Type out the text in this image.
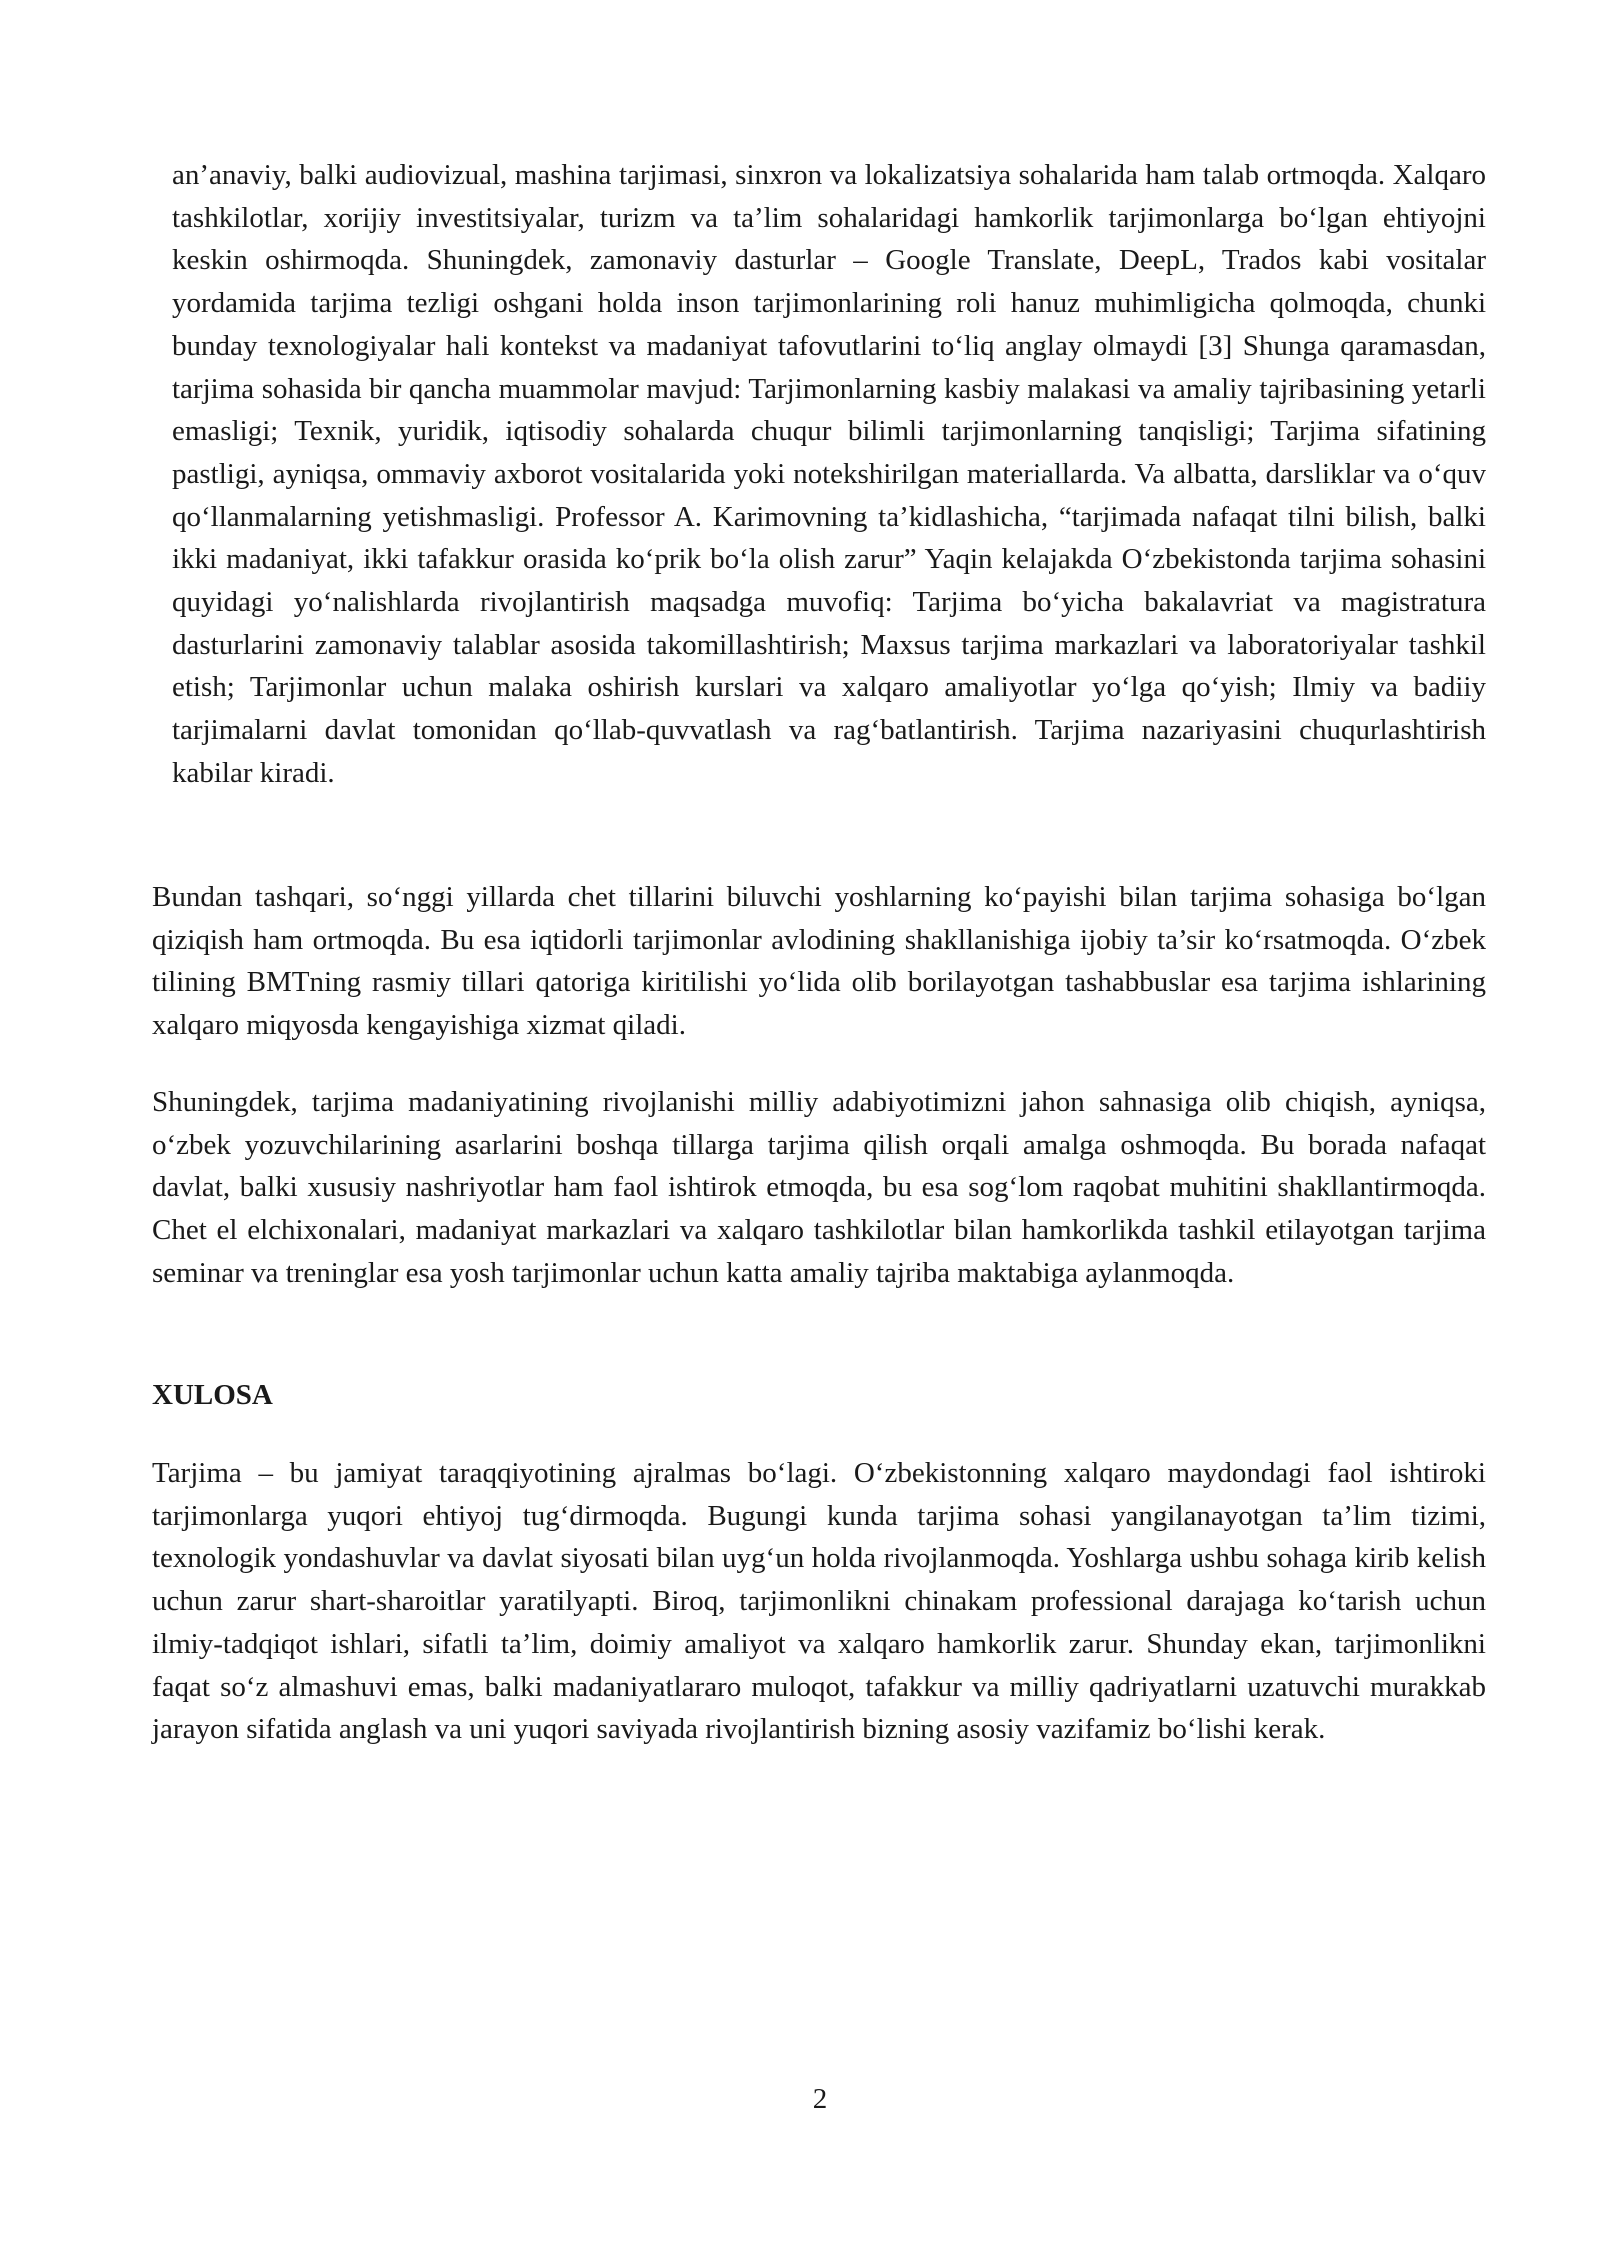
an’anaviy, balki audiovizual, mashina tarjimasi, sinxron va lokalizatsiya sohalarida ham talab ortmoqda. Xalqaro tashkilotlar, xorijiy investitsiyalar, turizm va ta’lim sohalaridagi hamkorlik tarjimonlarga bo‘lgan ehtiyojni keskin oshirmoqda. Shuningdek, zamonaviy dasturlar – Google Translate, DeepL, Trados kabi vositalar yordamida tarjima tezligi oshgani holda inson tarjimonlarining roli hanuz muhimligicha qolmoqda, chunki bunday texnologiyalar hali kontekst va madaniyat tafovutlarini to‘liq anglay olmaydi [3] Shunga qaramasdan, tarjima sohasida bir qancha muammolar mavjud: Tarjimonlarning kasbiy malakasi va amaliy tajribasining yetarli emasligi; Texnik, yuridik, iqtisodiy sohalarda chuqur bilimli tarjimonlarning tanqisligi; Tarjima sifatining pastligi, ayniqsa, ommaviy axborot vositalarida yoki notekshirilgan materiallarda. Va albatta, darsliklar va o‘quv qo‘llanmalarning yetishmasligi. Professor A. Karimovning ta’kidlashicha, “tarjimada nafaqat tilni bilish, balki ikki madaniyat, ikki tafakkur orasida ko‘prik bo‘la olish zarur” Yaqin kelajakda O‘zbekistonda tarjima sohasini quyidagi yo‘nalishlarda rivojlantirish maqsadga muvofiq: Tarjima bo‘yicha bakalavriat va magistratura dasturlarini zamonaviy talablar asosida takomillashtirish; Maxsus tarjima markazlari va laboratoriyalar tashkil etish; Tarjimonlar uchun malaka oshirish kurslari va xalqaro amaliyotlar yo‘lga qo‘yish; Ilmiy va badiiy tarjimalarni davlat tomonidan qo‘llab-quvvatlash va rag‘batlantirish. Tarjima nazariyasini chuqurlashtirish kabilar kiradi.

Bundan tashqari, so‘nggi yillarda chet tillarini biluvchi yoshlarning ko‘payishi bilan tarjima sohasiga bo‘lgan qiziqish ham ortmoqda. Bu esa iqtidorli tarjimonlar avlodining shakllanishiga ijobiy ta’sir ko‘rsatmoqda. O‘zbek tilining BMTning rasmiy tillari qatoriga kiritilishi yo‘lida olib borilayotgan tashabbuslar esa tarjima ishlarining xalqaro miqyosda kengayishiga xizmat qiladi.

Shuningdek, tarjima madaniyatining rivojlanishi milliy adabiyotimizni jahon sahnasiga olib chiqish, ayniqsa, o‘zbek yozuvchilarining asarlarini boshqa tillarga tarjima qilish orqali amalga oshmoqda. Bu borada nafaqat davlat, balki xususiy nashriyotlar ham faol ishtirok etmoqda, bu esa sog‘lom raqobat muhitini shakllantirmoqda. Chet el elchixonalari, madaniyat markazlari va xalqaro tashkilotlar bilan hamkorlikda tashkil etilayotgan tarjima seminar va treninglar esa yosh tarjimonlar uchun katta amaliy tajriba maktabiga aylanmoqda.

XULOSA

Tarjima – bu jamiyat taraqqiyotining ajralmas bo‘lagi. O‘zbekistonning xalqaro maydondagi faol ishtiroki tarjimonlarga yuqori ehtiyoj tug‘dirmoqda. Bugungi kunda tarjima sohasi yangilanayotgan ta’lim tizimi, texnologik yondashuvlar va davlat siyosati bilan uyg‘un holda rivojlanmoqda. Yoshlarga ushbu sohaga kirib kelish uchun zarur shart-sharoitlar yaratilyapti. Biroq, tarjimonlikni chinakam professional darajaga ko‘tarish uchun ilmiy-tadqiqot ishlari, sifatli ta’lim, doimiy amaliyot va xalqaro hamkorlik zarur. Shunday ekan, tarjimonlikni faqat so‘z almashuvi emas, balki madaniyatlararo muloqot, tafakkur va milliy qadriyatlarni uzatuvchi murakkab jarayon sifatida anglash va uni yuqori saviyada rivojlantirish bizning asosiy vazifamiz bo‘lishi kerak.

2
